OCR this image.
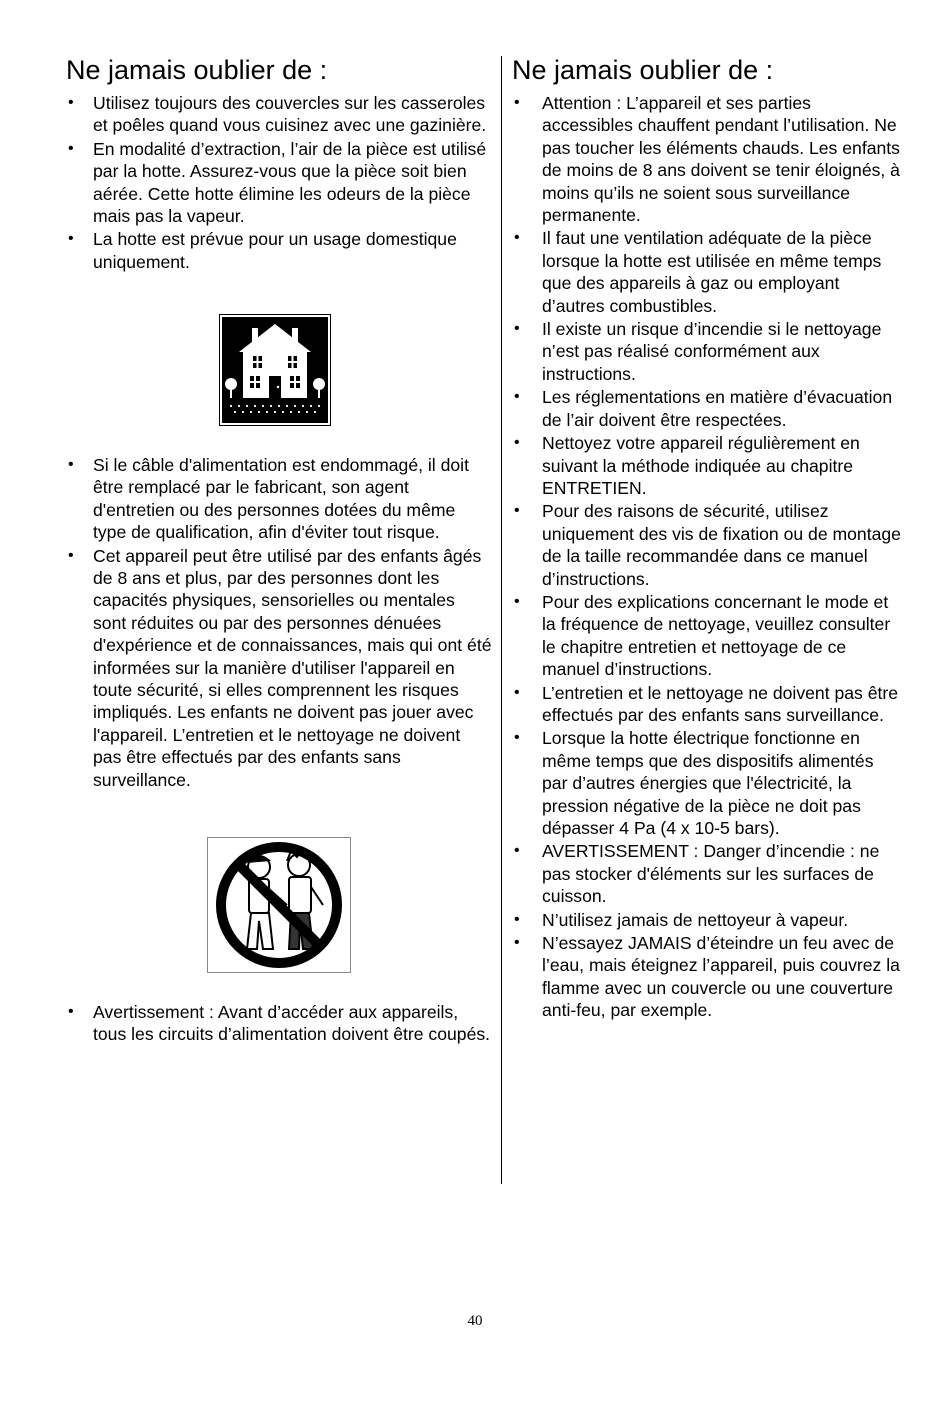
Ne jamais oublier de :
• Utilisez toujours des couvercles sur les casseroles et poêles quand vous cuisinez avec une gazinière.
• En modalité d’extraction, l’air de la pièce est utilisé par la hotte. Assurez-vous que la pièce soit bien aérée. Cette hotte élimine les odeurs de la pièce mais pas la vapeur.
• La hotte est prévue pour un usage domestique uniquement.
• Si le câble d'alimentation est endommagé, il doit être remplacé par le fabricant, son agent d'entretien ou des personnes dotées du même type de qualification, afin d'éviter tout risque.
• Cet appareil peut être utilisé par des enfants âgés de 8 ans et plus, par des personnes dont les capacités physiques, sensorielles ou mentales sont réduites ou par des personnes dénuées d'expérience et de connaissances, mais qui ont été informées sur la manière d'utiliser l'appareil en toute sécurité, si elles comprennent les risques impliqués. Les enfants ne doivent pas jouer avec l'appareil. L’entretien et le nettoyage ne doivent pas être effectués par des enfants sans surveillance.
• Avertissement : Avant d’accéder aux appareils, tous les circuits d’alimentation doivent être coupés.
Ne jamais oublier de :
• Attention : L’appareil et ses parties accessibles chauffent pendant l’utilisation. Ne pas toucher les éléments chauds. Les enfants de moins de 8 ans doivent se tenir éloignés, à moins qu’ils ne soient sous surveillance permanente.
• Il faut une ventilation adéquate de la pièce lorsque la hotte est utilisée en même temps que des appareils à gaz ou employant d’autres combustibles.
• Il existe un risque d’incendie si le nettoyage n’est pas réalisé conformément aux instructions.
• Les réglementations en matière d’évacuation de l’air doivent être respectées.
• Nettoyez votre appareil régulièrement en suivant la méthode indiquée au chapitre ENTRETIEN.
• Pour des raisons de sécurité, utilisez uniquement des vis de fixation ou de montage de la taille recommandée dans ce manuel d’instructions.
• Pour des explications concernant le mode et la fréquence de nettoyage, veuillez consulter le chapitre entretien et nettoyage de ce manuel d’instructions.
• L’entretien et le nettoyage ne doivent pas être effectués par des enfants sans surveillance.
• Lorsque la hotte électrique fonctionne en même temps que des dispositifs alimentés par d’autres énergies que l'électricité, la pression négative de la pièce ne doit pas dépasser 4 Pa (4 x 10-5 bars).
• AVERTISSEMENT : Danger d’incendie : ne pas stocker d'éléments sur les surfaces de cuisson.
• N’utilisez jamais de nettoyeur à vapeur.
• N’essayez JAMAIS d’éteindre un feu avec de l’eau, mais éteignez l’appareil, puis couvrez la flamme avec un couvercle ou une couverture anti-feu, par exemple.
40
